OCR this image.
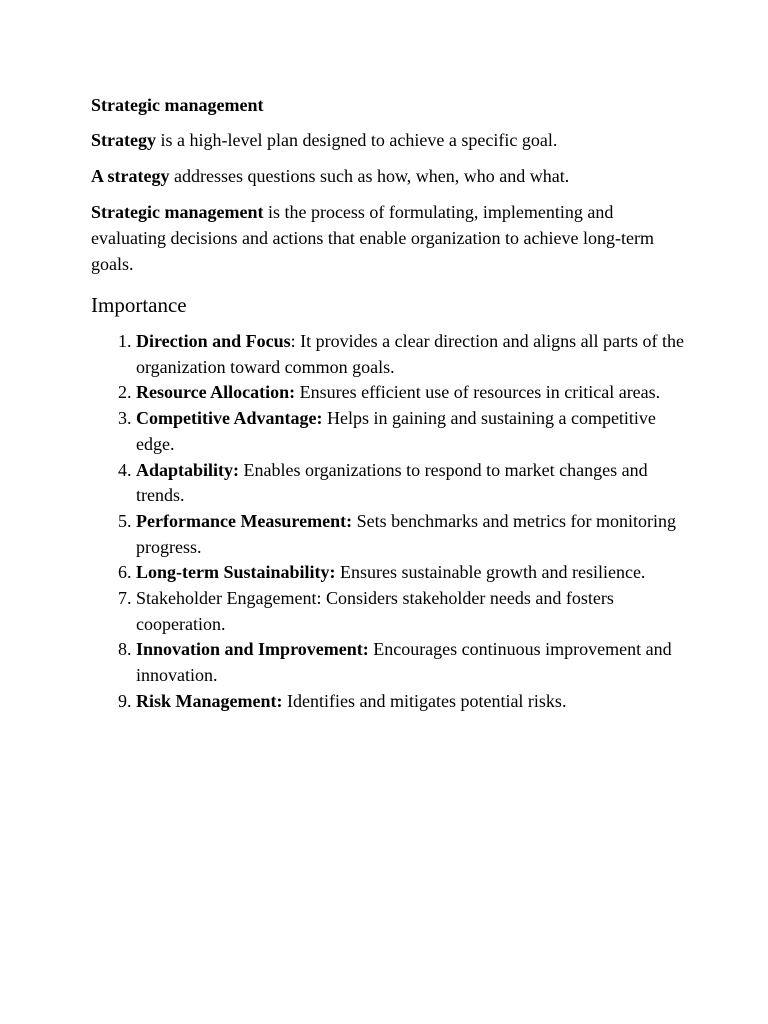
Strategic management

Strategy is a high-level plan designed to achieve a specific goal.

A strategy addresses questions such as how, when, who and what.

Strategic management is the process of formulating, implementing and evaluating decisions and actions that enable organization to achieve long-term goals.

Importance
1. Direction and Focus: It provides a clear direction and aligns all parts of the organization toward common goals.
2. Resource Allocation: Ensures efficient use of resources in critical areas.
3. Competitive Advantage: Helps in gaining and sustaining a competitive edge.
4. Adaptability: Enables organizations to respond to market changes and trends.
5. Performance Measurement: Sets benchmarks and metrics for monitoring progress.
6. Long-term Sustainability: Ensures sustainable growth and resilience.
7. Stakeholder Engagement: Considers stakeholder needs and fosters cooperation.
8. Innovation and Improvement: Encourages continuous improvement and innovation.
9. Risk Management: Identifies and mitigates potential risks.
